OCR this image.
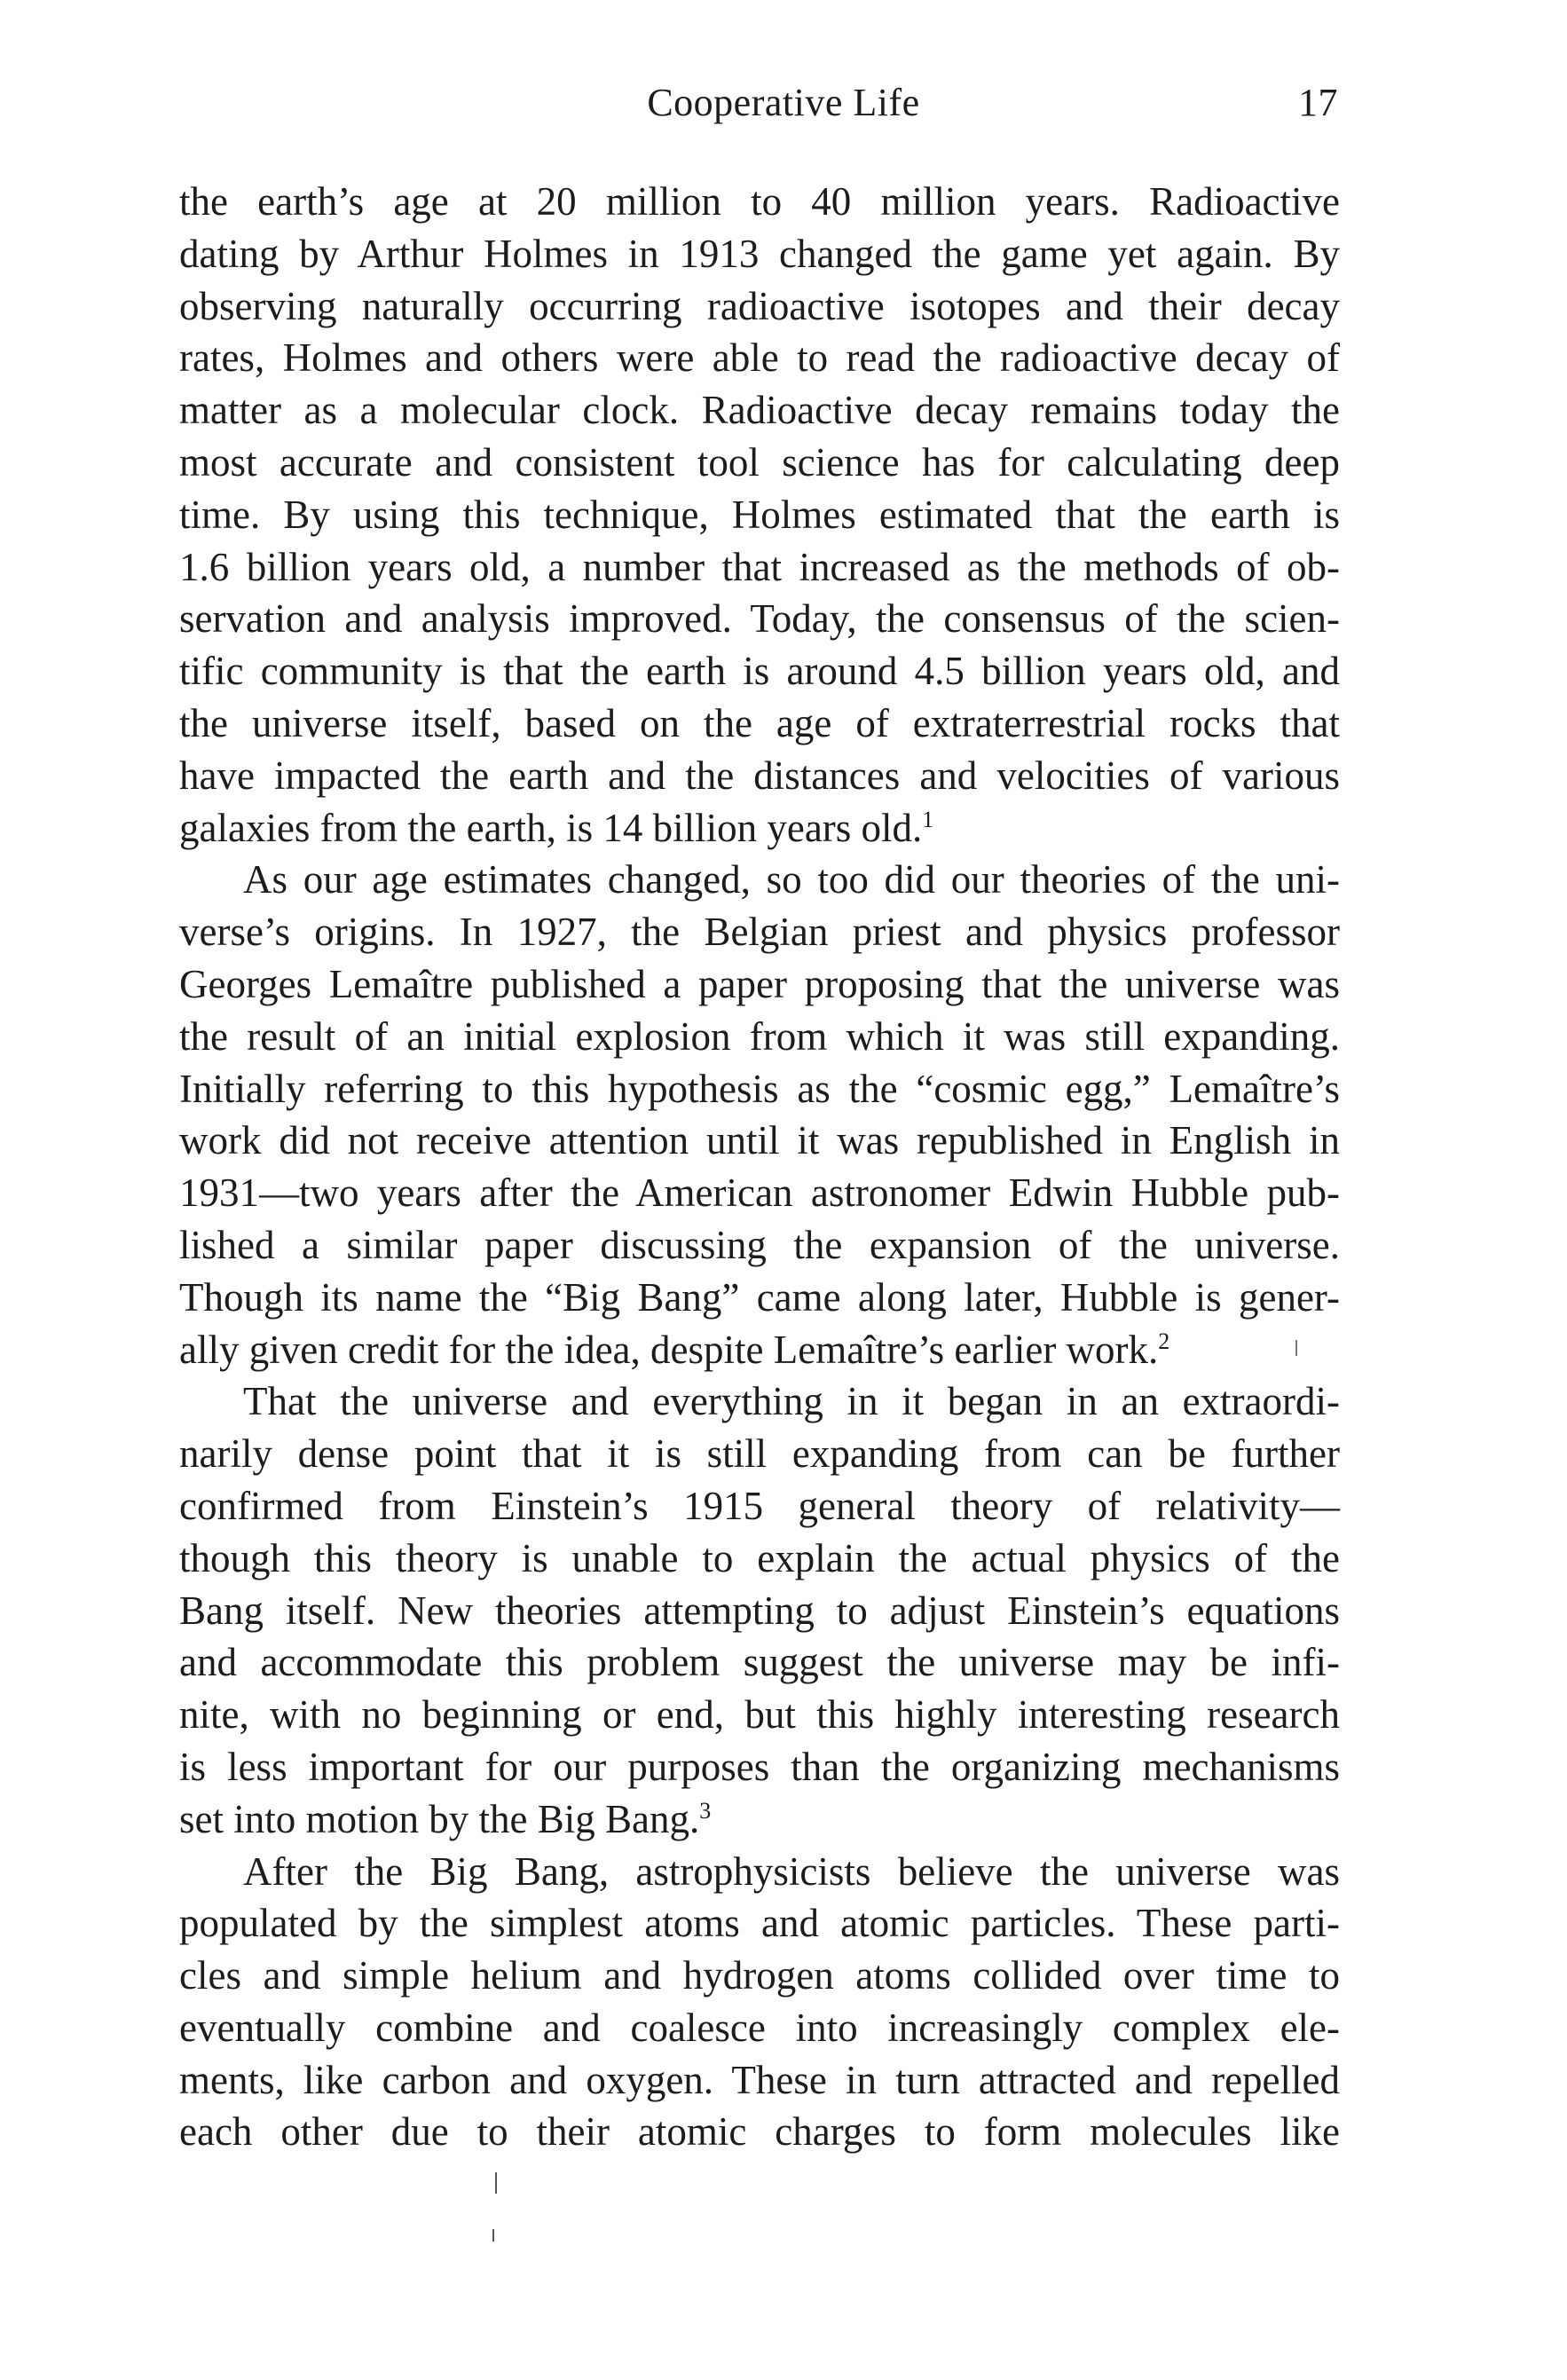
Cooperative Life	17
the earth’s age at 20 million to 40 million years. Radioactive
dating by Arthur Holmes in 1913 changed the game yet again. By
observing naturally occurring radioactive isotopes and their decay
rates, Holmes and others were able to read the radioactive decay of
matter as a molecular clock. Radioactive decay remains today the
most accurate and consistent tool science has for calculating deep
time. By using this technique, Holmes estimated that the earth is
1.6 billion years old, a number that increased as the methods of ob-
servation and analysis improved. Today, the consensus of the scien-
tific community is that the earth is around 4.5 billion years old, and
the universe itself, based on the age of extraterrestrial rocks that
have impacted the earth and the distances and velocities of various
galaxies from the earth, is 14 billion years old.$^1$
As our age estimates changed, so too did our theories of the uni-
verse’s origins. In 1927, the Belgian priest and physics professor
Georges Lemaître published a paper proposing that the universe was
the result of an initial explosion from which it was still expanding.
Initially referring to this hypothesis as the “cosmic egg,” Lemaître’s
work did not receive attention until it was republished in English in
1931—two years after the American astronomer Edwin Hubble pub-
lished a similar paper discussing the expansion of the universe.
Though its name the “Big Bang” came along later, Hubble is gener-
ally given credit for the idea, despite Lemaître’s earlier work.$^2$
That the universe and everything in it began in an extraordi-
narily dense point that it is still expanding from can be further
confirmed from Einstein’s 1915 general theory of relativity—
though this theory is unable to explain the actual physics of the
Bang itself. New theories attempting to adjust Einstein’s equations
and accommodate this problem suggest the universe may be infi-
nite, with no beginning or end, but this highly interesting research
is less important for our purposes than the organizing mechanisms
set into motion by the Big Bang.$^3$
After the Big Bang, astrophysicists believe the universe was
populated by the simplest atoms and atomic particles. These parti-
cles and simple helium and hydrogen atoms collided over time to
eventually combine and coalesce into increasingly complex ele-
ments, like carbon and oxygen. These in turn attracted and repelled
each other due to their atomic charges to form molecules like
